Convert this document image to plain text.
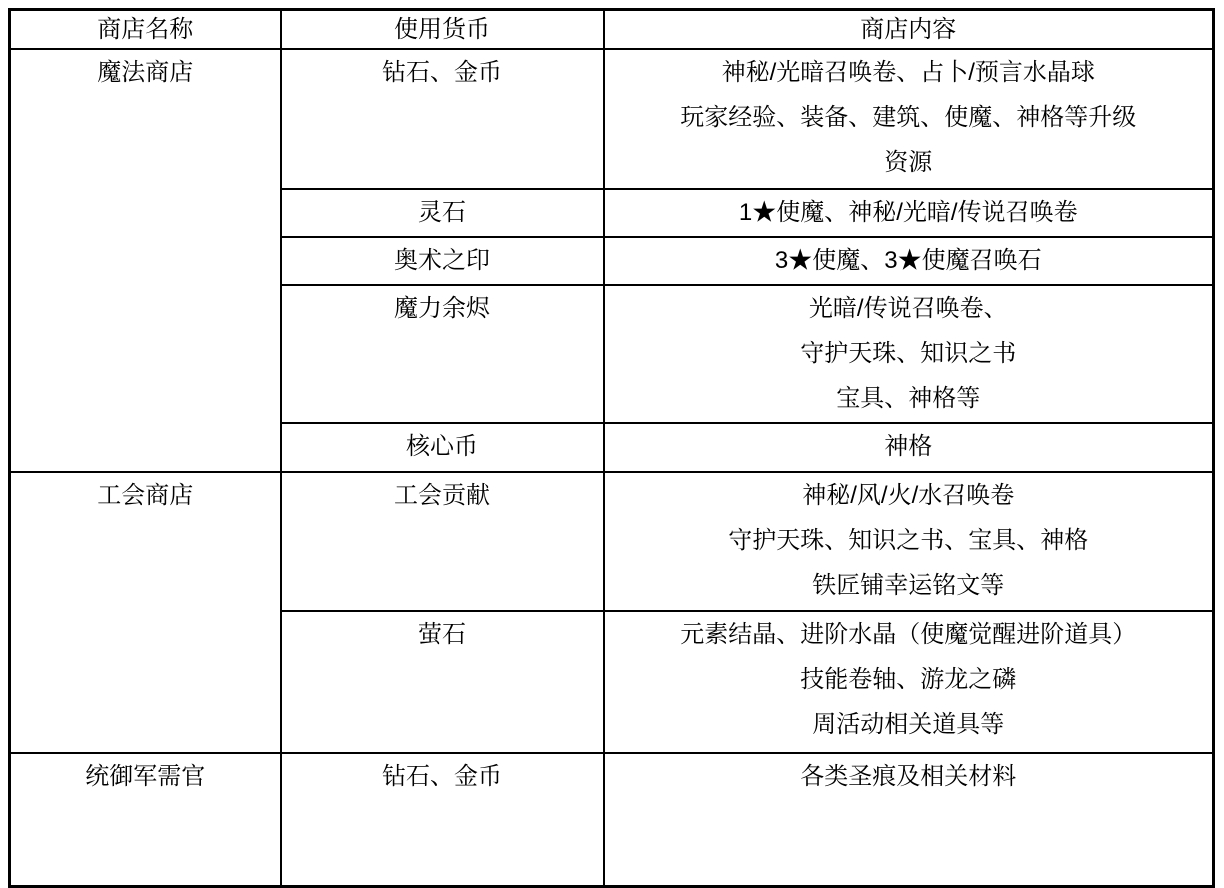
商店名称	使用货币	商店内容

魔法商店	钻石、金币	神秘/光暗召唤卷、占卜/预言水晶球
玩家经验、装备、建筑、使魔、神格等升级
资源

	灵石	1★使魔、神秘/光暗/传说召唤卷

	奥术之印	3★使魔、3★使魔召唤石

	魔力余烬	光暗/传说召唤卷、
守护天珠、知识之书
宝具、神格等

	核心币	神格

工会商店	工会贡献	神秘/风/火/水召唤卷
守护天珠、知识之书、宝具、神格
铁匠铺幸运铭文等

	萤石	元素结晶、进阶水晶（使魔觉醒进阶道具）
技能卷轴、游龙之磷
周活动相关道具等

统御军需官	钻石、金币	各类圣痕及相关材料
